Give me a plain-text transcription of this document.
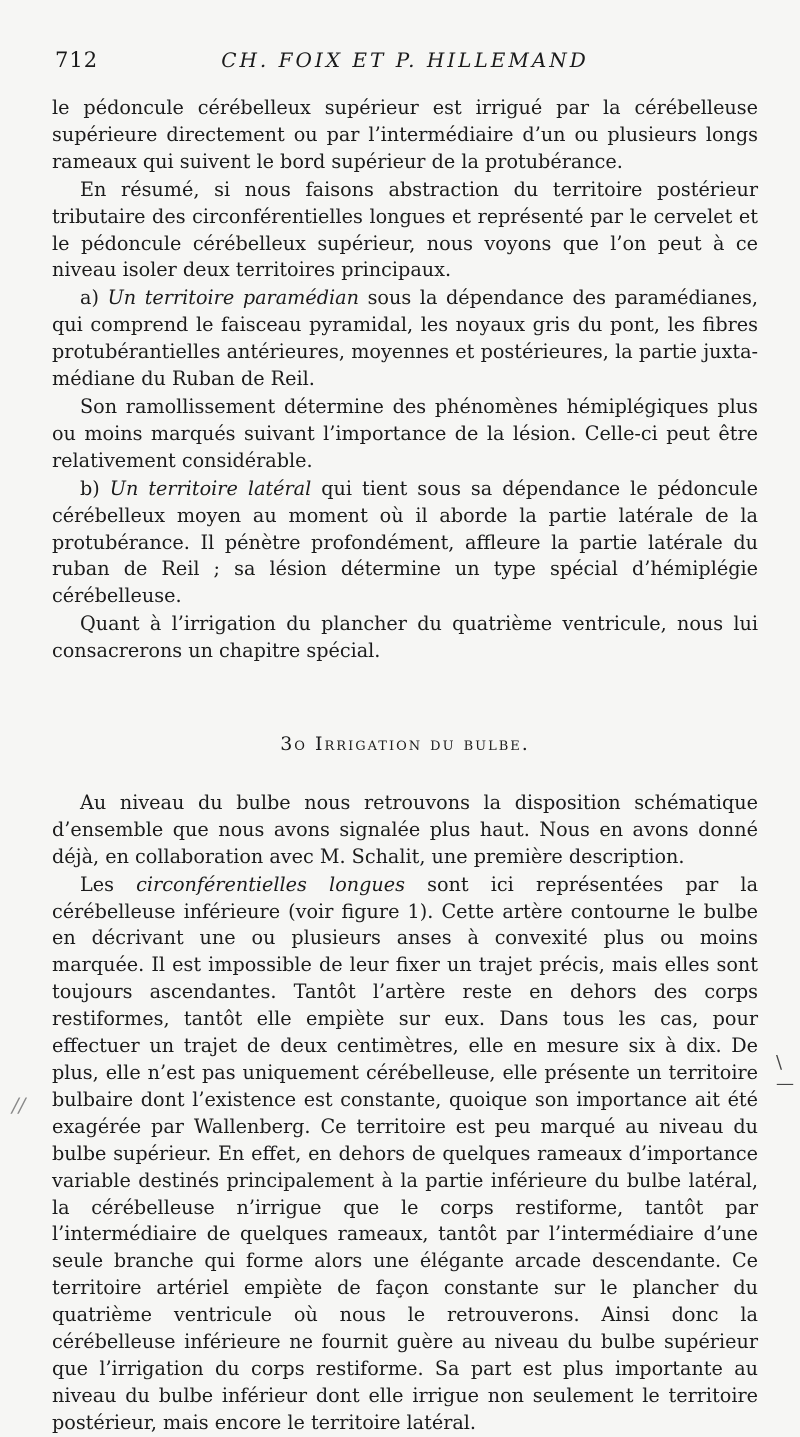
712	CH. FOIX ET P. HILLEMAND

le pédoncule cérébelleux supérieur est irrigué par la cérébelleuse supérieure directement ou par l’intermédiaire d’un ou plusieurs longs rameaux qui suivent le bord supérieur de la protubérance.

En résumé, si nous faisons abstraction du territoire postérieur tributaire des circonférentielles longues et représenté par le cervelet et le pédoncule cérébelleux supérieur, nous voyons que l’on peut à ce niveau isoler deux territoires principaux.

a) Un territoire paramédian sous la dépendance des paramédianes, qui comprend le faisceau pyramidal, les noyaux gris du pont, les fibres protubérantielles antérieures, moyennes et postérieures, la partie juxta-médiane du Ruban de Reil.

Son ramollissement détermine des phénomènes hémiplégiques plus ou moins marqués suivant l’importance de la lésion. Celle-ci peut être relativement considérable.

b) Un territoire latéral qui tient sous sa dépendance le pédoncule cérébelleux moyen au moment où il aborde la partie latérale de la protubérance. Il pénètre profondément, affleure la partie latérale du ruban de Reil ; sa lésion détermine un type spécial d’hémiplégie cérébelleuse.

Quant à l’irrigation du plancher du quatrième ventricule, nous lui consacrerons un chapitre spécial.

3o Irrigation du bulbe.

Au niveau du bulbe nous retrouvons la disposition schématique d’ensemble que nous avons signalée plus haut. Nous en avons donné déjà, en collaboration avec M. Schalit, une première description.

Les circonférentielles longues sont ici représentées par la cérébelleuse inférieure (voir figure 1). Cette artère contourne le bulbe en décrivant une ou plusieurs anses à convexité plus ou moins marquée. Il est impossible de leur fixer un trajet précis, mais elles sont toujours ascendantes. Tantôt l’artère reste en dehors des corps restiformes, tantôt elle empiète sur eux. Dans tous les cas, pour effectuer un trajet de deux centimètres, elle en mesure six à dix. De plus, elle n’est pas uniquement cérébelleuse, elle présente un territoire bulbaire dont l’existence est constante, quoique son importance ait été exagérée par Wallenberg. Ce territoire est peu marqué au niveau du bulbe supérieur. En effet, en dehors de quelques rameaux d’importance variable destinés principalement à la partie inférieure du bulbe latéral, la cérébelleuse n’irrigue que le corps restiforme, tantôt par l’intermédiaire de quelques rameaux, tantôt par l’intermédiaire d’une seule branche qui forme alors une élégante arcade descendante. Ce territoire artériel empiète de façon constante sur le plancher du quatrième ventricule où nous le retrouverons. Ainsi donc la cérébelleuse inférieure ne fournit guère au niveau du bulbe supérieur que l’irrigation du corps restiforme. Sa part est plus importante au niveau du bulbe inférieur dont elle irrigue non seulement le territoire postérieur, mais encore le territoire latéral.

\—
//
